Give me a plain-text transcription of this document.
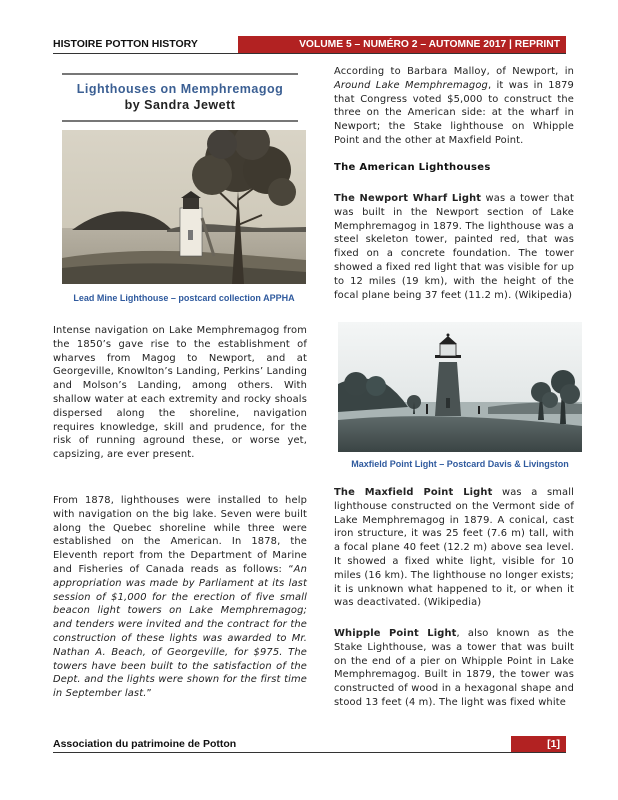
HISTOIRE POTTON HISTORY	VOLUME 5 – NUMÉRO 2 – AUTOMNE 2017 | REPRINT
Lighthouses on Memphremagog
by Sandra Jewett
Lead Mine Lighthouse – postcard collection APPHA

Intense navigation on Lake Memphremagog from the 1850’s gave rise to the establishment of wharves from Magog to Newport, and at Georgeville, Knowlton’s Landing, Perkins’ Landing and Molson’s Landing, among others. With shallow water at each extremity and rocky shoals dispersed along the shoreline, navigation requires knowledge, skill and prudence, for the risk of running aground these, or worse yet, capsizing, are ever present.

From 1878, lighthouses were installed to help with navigation on the big lake. Seven were built along the Quebec shoreline while three were established on the American. In 1878, the Eleventh report from the Department of Marine and Fisheries of Canada reads as follows: “An appropriation was made by Parliament at its last session of $1,000 for the erection of five small beacon light towers on Lake Memphremagog; and tenders were invited and the contract for the construction of these lights was awarded to Mr. Nathan A. Beach, of Georgeville, for $975. The towers have been built to the satisfaction of the Dept. and the lights were shown for the first time in September last.”

According to Barbara Malloy, of Newport, in Around Lake Memphremagog, it was in 1879 that Congress voted $5,000 to construct the three on the American side: at the wharf in Newport; the Stake lighthouse on Whipple Point and the other at Maxfield Point.

The American Lighthouses

The Newport Wharf Light was a tower that was built in the Newport section of Lake Memphremagog in 1879. The lighthouse was a steel skeleton tower, painted red, that was fixed on a concrete foundation. The tower showed a fixed red light that was visible for up to 12 miles (19 km), with the height of the focal plane being 37 feet (11.2 m). (Wikipedia)

Maxfield Point Light – Postcard Davis & Livingston

The Maxfield Point Light was a small lighthouse constructed on the Vermont side of Lake Memphremagog in 1879. A conical, cast iron structure, it was 25 feet (7.6 m) tall, with a focal plane 40 feet (12.2 m) above sea level. It showed a fixed white light, visible for 10 miles (16 km). The lighthouse no longer exists; it is unknown what happened to it, or when it was deactivated. (Wikipedia)

Whipple Point Light, also known as the Stake Lighthouse, was a tower that was built on the end of a pier on Whipple Point in Lake Memphremagog. Built in 1879, the tower was constructed of wood in a hexagonal shape and stood 13 feet (4 m). The light was fixed white

Association du patrimoine de Potton	[1]
